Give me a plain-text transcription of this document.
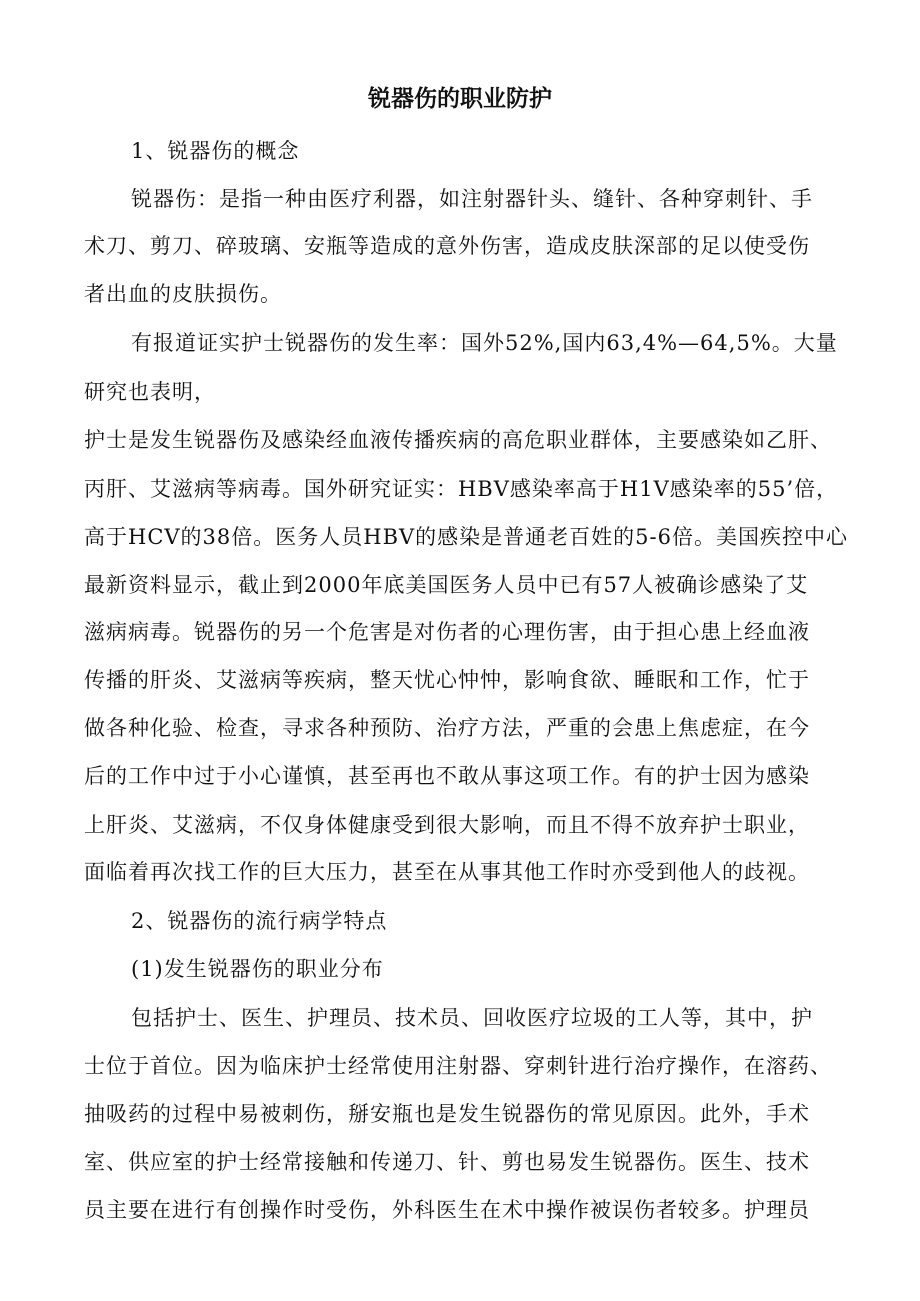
锐器伤的职业防护
1、锐器伤的概念
锐器伤：是指一种由医疗利器，如注射器针头、缝针、各种穿刺针、手
术刀、剪刀、碎玻璃、安瓶等造成的意外伤害，造成皮肤深部的足以使受伤
者出血的皮肤损伤。
有报道证实护士锐器伤的发生率：国外52%,国内63,4%—64,5%。大量
研究也表明，
护士是发生锐器伤及感染经血液传播疾病的高危职业群体，主要感染如乙肝、
丙肝、艾滋病等病毒。国外研究证实：HBV感染率高于H1V感染率的55’倍，
高于HCV的38倍。医务人员HBV的感染是普通老百姓的5-6倍。美国疾控中心
最新资料显示，截止到2000年底美国医务人员中已有57人被确诊感染了艾
滋病病毒。锐器伤的另一个危害是对伤者的心理伤害，由于担心患上经血液
传播的肝炎、艾滋病等疾病，整天忧心忡忡，影响食欲、睡眠和工作，忙于
做各种化验、检查，寻求各种预防、治疗方法，严重的会患上焦虑症，在今
后的工作中过于小心谨慎，甚至再也不敢从事这项工作。有的护士因为感染
上肝炎、艾滋病，不仅身体健康受到很大影响，而且不得不放弃护士职业，
面临着再次找工作的巨大压力，甚至在从事其他工作时亦受到他人的歧视。
2、锐器伤的流行病学特点
(1)发生锐器伤的职业分布
包括护士、医生、护理员、技术员、回收医疗垃圾的工人等，其中，护
士位于首位。因为临床护士经常使用注射器、穿刺针进行治疗操作，在溶药、
抽吸药的过程中易被刺伤，掰安瓶也是发生锐器伤的常见原因。此外，手术
室、供应室的护士经常接触和传递刀、针、剪也易发生锐器伤。医生、技术
员主要在进行有创操作时受伤，外科医生在术中操作被误伤者较多。护理员
